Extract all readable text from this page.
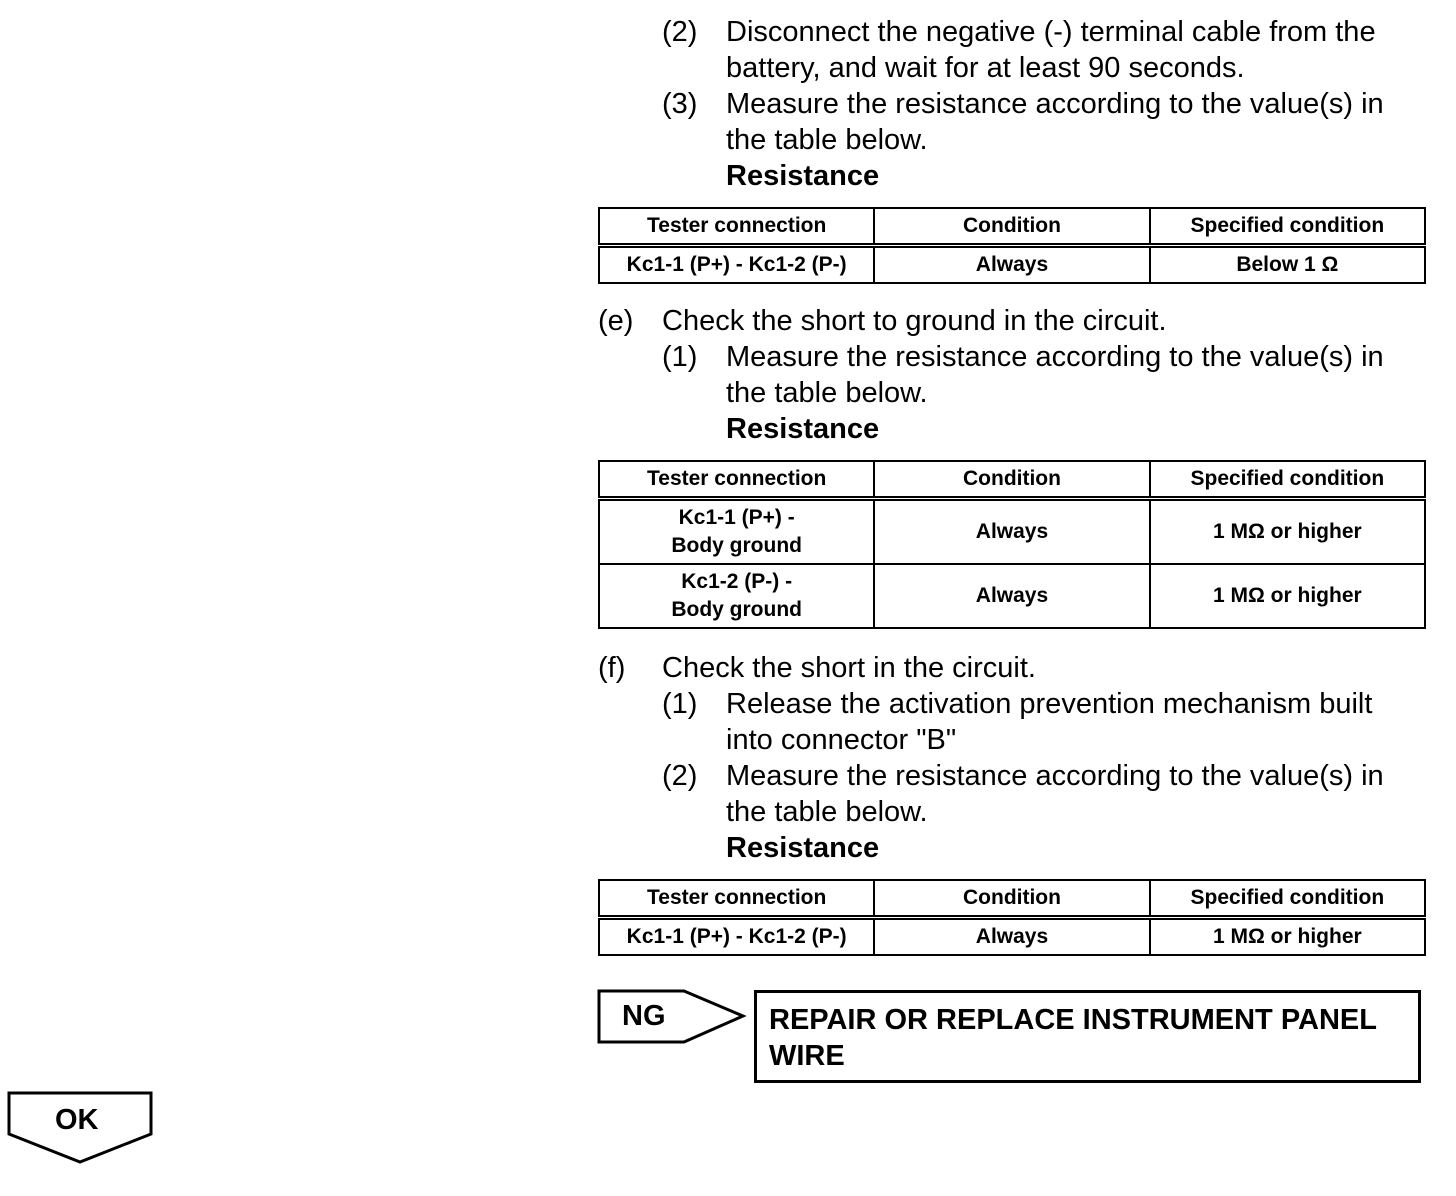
(2) Disconnect the negative (-) terminal cable from the
battery, and wait for at least 90 seconds.
(3) Measure the resistance according to the value(s) in
the table below.
Resistance
Tester connection	Condition	Specified condition
Kc1-1 (P+) - Kc1-2 (P-)	Always	Below 1 Ω
(e) Check the short to ground in the circuit.
(1) Measure the resistance according to the value(s) in
the table below.
Resistance
Tester connection	Condition	Specified condition

Kc1-1 (P+) -
Body ground	Always	1 MΩ or higher

Kc1-2 (P-) -
Body ground	Always	1 MΩ or higher
(f) Check the short in the circuit.
(1) Release the activation prevention mechanism built
into connector "B"
(2) Measure the resistance according to the value(s) in
the table below.
Resistance
Tester connection	Condition	Specified condition
Kc1-1 (P+) - Kc1-2 (P-)	Always	1 MΩ or higher
NG	REPAIR OR REPLACE INSTRUMENT PANEL
WIRE
OK
